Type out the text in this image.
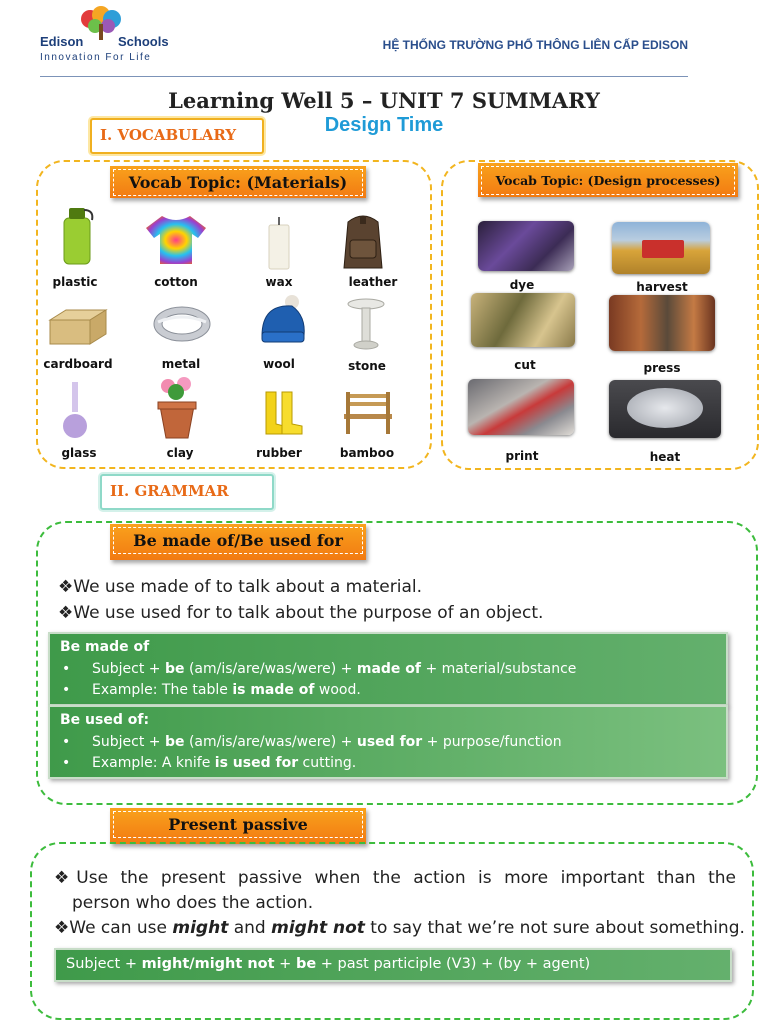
Edison	Schools
Innovation For Life
HỆ THỐNG TRƯỜNG PHỔ THÔNG LIÊN CẤP EDISON
Learning Well 5 – UNIT 7 SUMMARY
Design Time
I. VOCABULARY
Vocab Topic: (Materials)
plastic	cotton	wax	leather
cardboard	metal	wool	stone
glass	clay	rubber	bamboo
Vocab Topic: (Design processes)
dye	harvest
cut	press
print	heat
II. GRAMMAR
Be made of/Be used for
❖We use made of to talk about a material.
❖We use used for to talk about the purpose of an object.
Be made of
• Subject + be (am/is/are/was/were) + made of + material/substance
• Example: The table is made of wood.
Be used of:
• Subject + be (am/is/are/was/were) + used for + purpose/function
• Example: A knife is used for cutting.
Present passive
❖Use the present passive when the action is more important than the
person who does the action.
❖We can use might and might not to say that we’re not sure about something.
Subject + might/might not + be + past participle (V3) + (by + agent)
